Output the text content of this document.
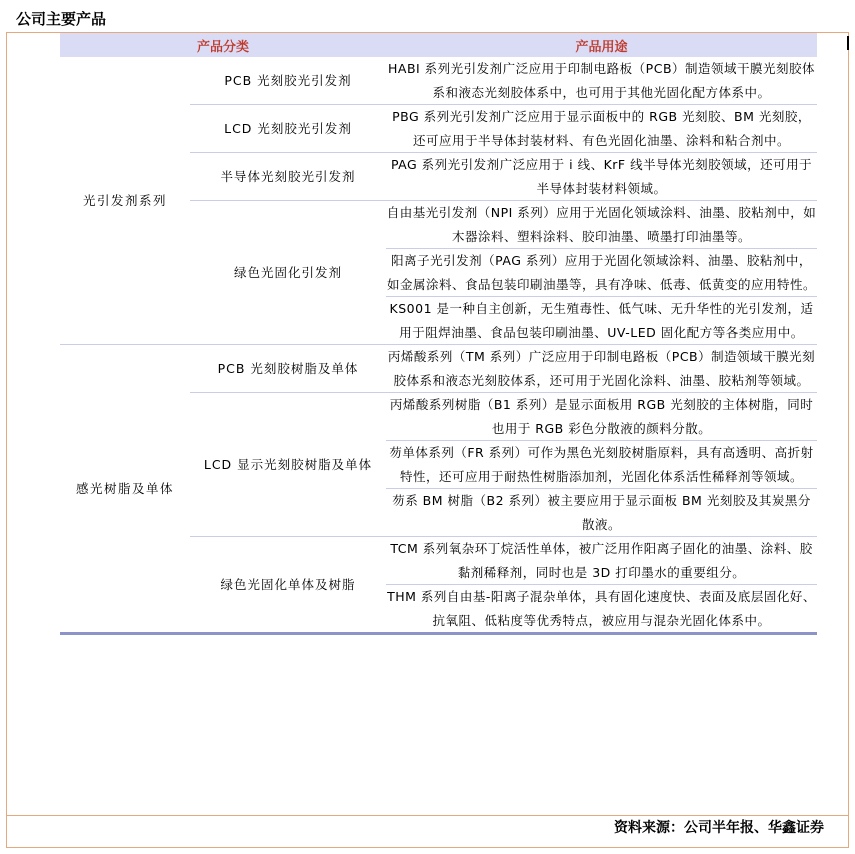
公司主要产品
产品分类		产品用途
光引发剂系列	PCB 光刻胶光引发剂	HABI 系列光引发剂广泛应用于印制电路板（PCB）制造领域干膜光刻胶体系和液态光刻胶体系中，也可用于其他光固化配方体系中。
	LCD 光刻胶光引发剂	PBG 系列光引发剂广泛应用于显示面板中的 RGB 光刻胶、BM 光刻胶，还可应用于半导体封装材料、有色光固化油墨、涂料和粘合剂中。
	半导体光刻胶光引发剂	PAG 系列光引发剂广泛应用于 i 线、KrF 线半导体光刻胶领域，还可用于半导体封装材料领域。
	绿色光固化引发剂	自由基光引发剂（NPI 系列）应用于光固化领域涂料、油墨、胶粘剂中，如木器涂料、塑料涂料、胶印油墨、喷墨打印油墨等。
		阳离子光引发剂（PAG 系列）应用于光固化领域涂料、油墨、胶粘剂中，如金属涂料、食品包装印刷油墨等，具有净味、低毒、低黄变的应用特性。
		KS001 是一种自主创新，无生殖毒性、低气味、无升华性的光引发剂，适用于阻焊油墨、食品包装印刷油墨、UV-LED 固化配方等各类应用中。
感光树脂及单体	PCB 光刻胶树脂及单体	丙烯酸系列（TM 系列）广泛应用于印制电路板（PCB）制造领域干膜光刻胶体系和液态光刻胶体系，还可用于光固化涂料、油墨、胶粘剂等领域。
	LCD 显示光刻胶树脂及单体	丙烯酸系列树脂（B1 系列）是显示面板用 RGB 光刻胶的主体树脂，同时也用于 RGB 彩色分散液的颜料分散。
		芴单体系列（FR 系列）可作为黑色光刻胶树脂原料，具有高透明、高折射特性，还可应用于耐热性树脂添加剂，光固化体系活性稀释剂等领域。
		芴系 BM 树脂（B2 系列）被主要应用于显示面板 BM 光刻胶及其炭黑分散液。
	绿色光固化单体及树脂	TCM 系列氧杂环丁烷活性单体，被广泛用作阳离子固化的油墨、涂料、胶黏剂稀释剂，同时也是 3D 打印墨水的重要组分。
		THM 系列自由基-阳离子混杂单体，具有固化速度快、表面及底层固化好、抗氧阻、低粘度等优秀特点，被应用与混杂光固化体系中。
资料来源：公司半年报、华鑫证券
